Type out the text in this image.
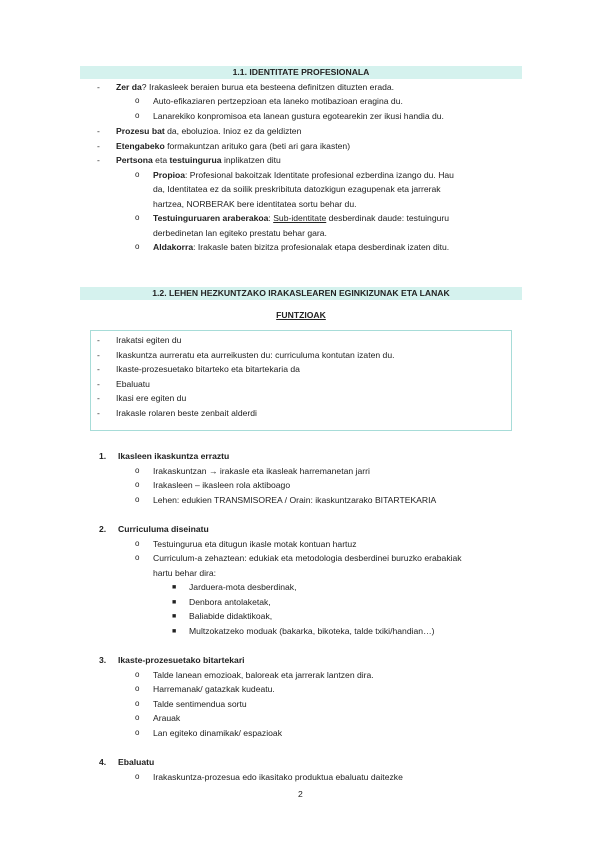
1.1. IDENTITATE PROFESIONALA
- Zer da? Irakasleek beraien burua eta besteena definitzen dituzten erada.
o Auto-efikaziaren pertzepzioan eta laneko motibazioan eragina du.
o Lanarekiko konpromisoa eta lanean gustura egotearekin zer ikusi handia du.
- Prozesu bat da, eboluzioa. Inioz ez da geldizten
- Etengabeko formakuntzan arituko gara (beti ari gara ikasten)
- Pertsona eta testuingurua inplikatzen ditu
o Propioa: Profesional bakoitzak Identitate profesional ezberdina izango du. Hau
da, Identitatea ez da soilik preskribituta datozkigun ezagupenak eta jarrerak
hartzea, NORBERAK bere identitatea sortu behar du.
o Testuinguruaren araberakoa: Sub-identitate desberdinak daude: testuinguru
derbedinetan lan egiteko prestatu behar gara.
o Aldakorra: Irakasle baten bizitza profesionalak etapa desberdinak izaten ditu.
1.2. LEHEN HEZKUNTZAKO IRAKASLEAREN EGINKIZUNAK ETA LANAK
FUNTZIOAK
- Irakatsi egiten du
- Ikaskuntza aurreratu eta aurreikusten du: curriculuma kontutan izaten du.
- Ikaste-prozesuetako bitarteko eta bitartekaria da
- Ebaluatu
- Ikasi ere egiten du
- Irakasle rolaren beste zenbait alderdi
1. Ikasleen ikaskuntza erraztu
o Irakaskuntzan → irakasle eta ikasleak harremanetan jarri
o Irakasleen – ikasleen rola aktiboago
o Lehen: edukien TRANSMISOREA / Orain: ikaskuntzarako BITARTEKARIA
2. Curriculuma diseinatu
o Testuingurua eta ditugun ikasle motak kontuan hartuz
o Curriculum-a zehaztean: edukiak eta metodologia desberdinei buruzko erabakiak
hartu behar dira:
■ Jarduera-mota desberdinak,
■ Denbora antolaketak,
■ Baliabide didaktikoak,
■ Multzokatzeko moduak (bakarka, bikoteka, talde txiki/handian…)
3. Ikaste-prozesuetako bitartekari
o Talde lanean emozioak, baloreak eta jarrerak lantzen dira.
o Harremanak/ gatazkak kudeatu.
o Talde sentimendua sortu
o Arauak
o Lan egiteko dinamikak/ espazioak
4. Ebaluatu
o Irakaskuntza-prozesua edo ikasitako produktua ebaluatu daitezke
2
